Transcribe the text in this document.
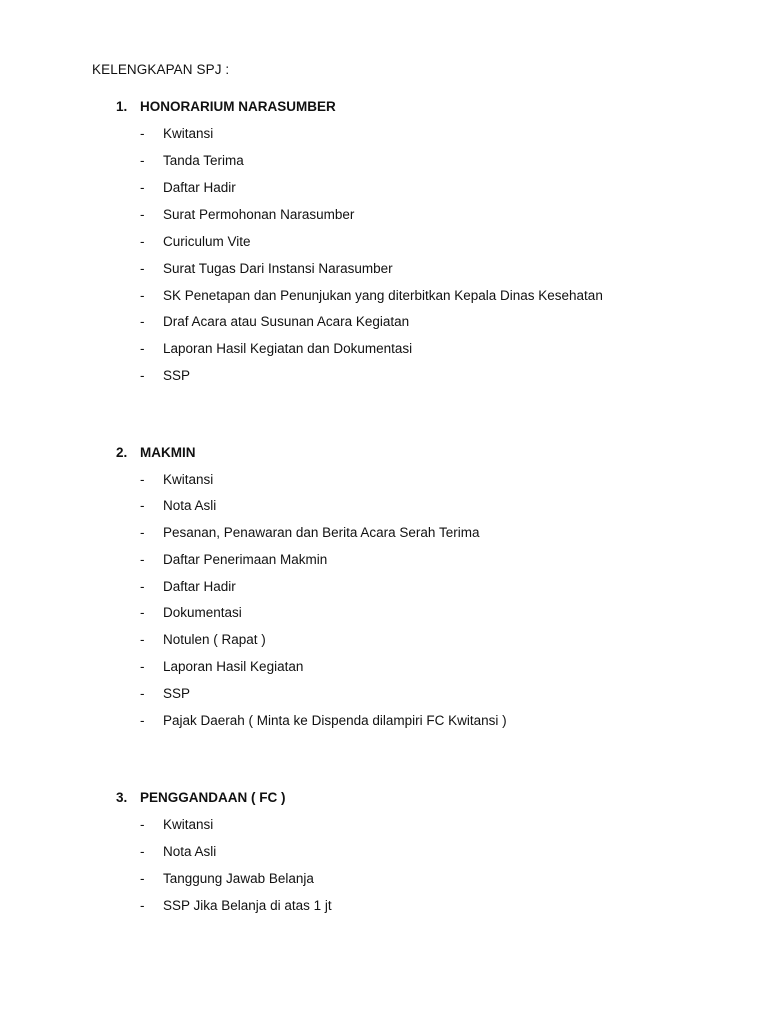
KELENGKAPAN SPJ :
1. HONORARIUM NARASUMBER
- Kwitansi
- Tanda Terima
- Daftar Hadir
- Surat Permohonan Narasumber
- Curiculum Vite
- Surat Tugas Dari Instansi Narasumber
- SK Penetapan dan Penunjukan yang diterbitkan Kepala Dinas Kesehatan
- Draf Acara atau Susunan Acara Kegiatan
- Laporan Hasil Kegiatan dan Dokumentasi
- SSP
2. MAKMIN
- Kwitansi
- Nota Asli
- Pesanan, Penawaran dan Berita Acara Serah Terima
- Daftar Penerimaan Makmin
- Daftar Hadir
- Dokumentasi
- Notulen ( Rapat )
- Laporan Hasil Kegiatan
- SSP
- Pajak Daerah ( Minta ke Dispenda dilampiri FC Kwitansi )
3. PENGGANDAAN ( FC )
- Kwitansi
- Nota Asli
- Tanggung Jawab Belanja
- SSP Jika Belanja di atas 1 jt
